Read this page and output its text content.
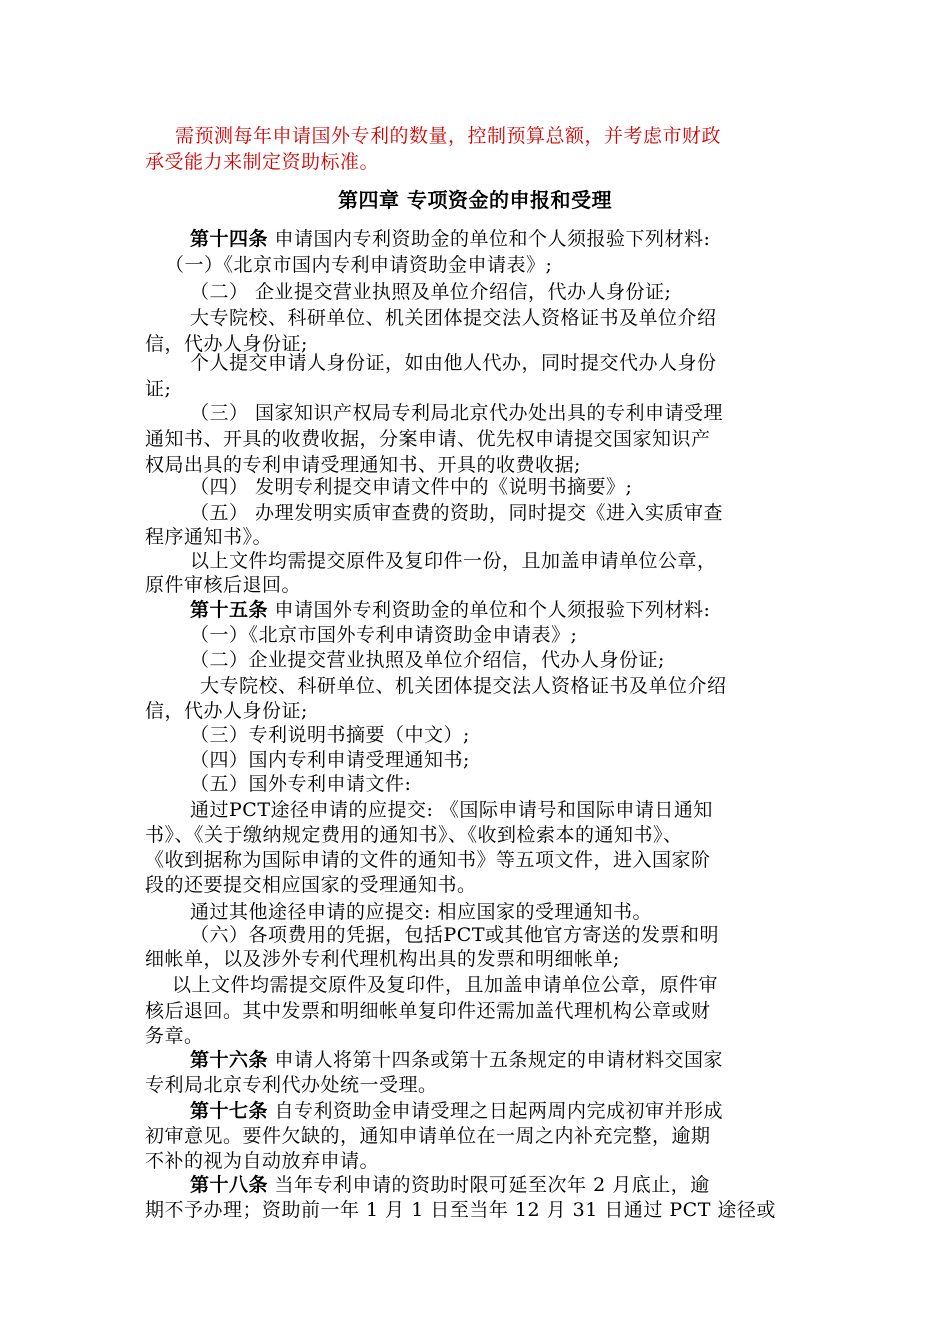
需预测每年申请国外专利的数量，控制预算总额，并考虑市财政
承受能力来制定资助标准。
第四章 专项资金的申报和受理
第十四条 申请国内专利资助金的单位和个人须报验下列材料:
（一）《北京市国内专利申请资助金申请表》;
（二） 企业提交营业执照及单位介绍信，代办人身份证;
大专院校、科研单位、机关团体提交法人资格证书及单位介绍
信，代办人身份证;
个人提交申请人身份证，如由他人代办，同时提交代办人身份
证;
（三） 国家知识产权局专利局北京代办处出具的专利申请受理
通知书、开具的收费收据，分案申请、优先权申请提交国家知识产
权局出具的专利申请受理通知书、开具的收费收据;
（四） 发明专利提交申请文件中的《说明书摘要》;
（五） 办理发明实质审查费的资助，同时提交《进入实质审查
程序通知书》。
以上文件均需提交原件及复印件一份，且加盖申请单位公章，
原件审核后退回。
第十五条 申请国外专利资助金的单位和个人须报验下列材料:
（一）《北京市国外专利申请资助金申请表》;
（二）企业提交营业执照及单位介绍信，代办人身份证;
大专院校、科研单位、机关团体提交法人资格证书及单位介绍
信，代办人身份证;
（三）专利说明书摘要（中文）;
（四）国内专利申请受理通知书;
（五）国外专利申请文件:
通过PCT途径申请的应提交: 《国际申请号和国际申请日通知
书》、《关于缴纳规定费用的通知书》、《收到检索本的通知书》、
《收到据称为国际申请的文件的通知书》等五项文件，进入国家阶
段的还要提交相应国家的受理通知书。
通过其他途径申请的应提交: 相应国家的受理通知书。
（六）各项费用的凭据，包括PCT或其他官方寄送的发票和明
细帐单，以及涉外专利代理机构出具的发票和明细帐单;
以上文件均需提交原件及复印件，且加盖申请单位公章，原件审
核后退回。其中发票和明细帐单复印件还需加盖代理机构公章或财
务章。
第十六条 申请人将第十四条或第十五条规定的申请材料交国家
专利局北京专利代办处统一受理。
第十七条 自专利资助金申请受理之日起两周内完成初审并形成
初审意见。要件欠缺的，通知申请单位在一周之内补充完整，逾期
不补的视为自动放弃申请。
第十八条 当年专利申请的资助时限可延至次年 2 月底止，逾
期不予办理；资助前一年 1 月 1 日至当年 12 月 31 日通过 PCT 途径或
